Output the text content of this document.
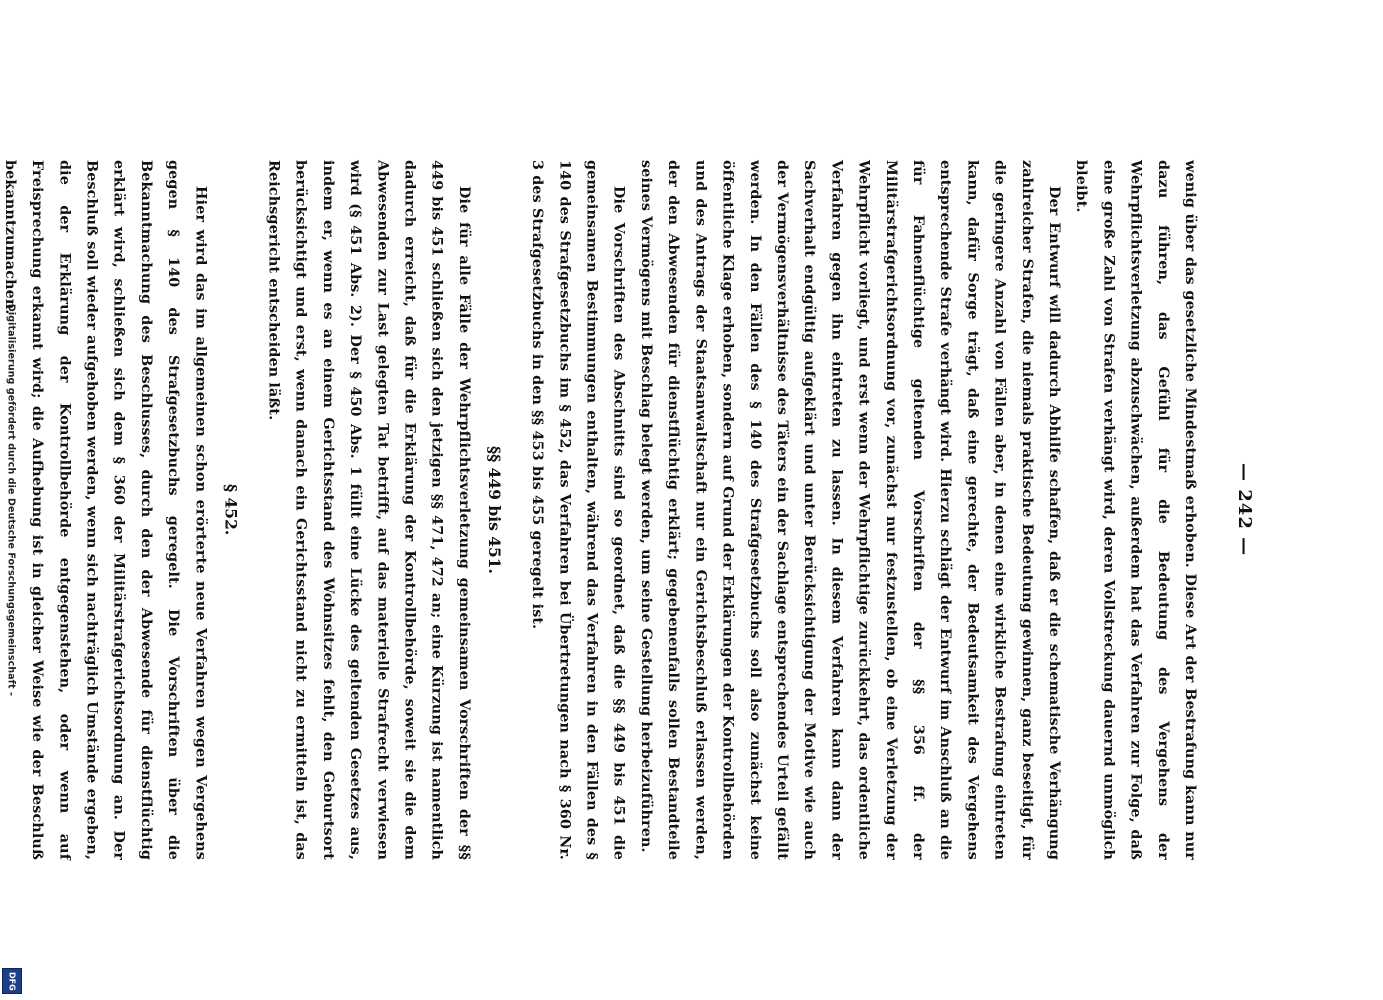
Digitalisierung gefördert durch die Deutsche Forschungsgemeinschaft -
DFG
— 242 —

wenig über das gesetzliche Mindestmaß erhoben. Diese Art der Bestrafung kann nur dazu führen, das Gefühl für die Bedeutung des Vergehens der Wehrpflichtsverletzung abzuschwächen, außerdem hat das Verfahren zur Folge, daß eine große Zahl von Strafen verhängt wird, deren Vollstreckung dauernd unmöglich bleibt.

Der Entwurf will dadurch Abhilfe schaffen, daß er die schematische Verhängung zahlreicher Strafen, die niemals praktische Bedeutung gewinnen, ganz beseitigt, für die geringere Anzahl von Fällen aber, in denen eine wirkliche Bestrafung eintreten kann, dafür Sorge trägt, daß eine gerechte, der Bedeutsamkeit des Vergehens entsprechende Strafe verhängt wird. Hierzu schlägt der Entwurf im Anschluß an die für Fahnenflüchtige geltenden Vorschriften der §§ 356 ff. der Militärstrafgerichtsordnung vor, zunächst nur festzustellen, ob eine Verletzung der Wehrpflicht vorliegt, und erst wenn der Wehrpflichtige zurückkehrt, das ordentliche Verfahren gegen ihn eintreten zu lassen. In diesem Verfahren kann dann der Sachverhalt endgültig aufgeklärt und unter Berücksichtigung der Motive wie auch der Vermögensverhältnisse des Täters ein der Sachlage entsprechendes Urteil gefällt werden. In den Fällen des § 140 des Strafgesetzbuchs soll also zunächst keine öffentliche Klage erhoben, sondern auf Grund der Erklärungen der Kontrollbehörden und des Antrags der Staatsanwaltschaft nur ein Gerichtsbeschluß erlassen werden, der den Abwesenden für dienstflüchtig erklärt; gegebenenfalls sollen Bestandteile seines Vermögens mit Beschlag belegt werden, um seine Gestellung herbeizuführen.

Die Vorschriften des Abschnitts sind so geordnet, daß die §§ 449 bis 451 die gemeinsamen Bestimmungen enthalten, während das Verfahren in den Fällen des § 140 des Strafgesetzbuchs im § 452, das Verfahren bei Übertretungen nach § 360 Nr. 3 des Strafgesetzbuchs in den §§ 453 bis 455 geregelt ist.

§§ 449 bis 451.

Die für alle Fälle der Wehrpflichtsverletzung gemeinsamen Vorschriften der §§ 449 bis 451 schließen sich den jetzigen §§ 471, 472 an; eine Kürzung ist namentlich dadurch erreicht, daß für die Erklärung der Kontrollbehörde, soweit sie die dem Abwesenden zur Last gelegten Tat betrifft, auf das materielle Strafrecht verwiesen wird (§ 451 Abs. 2). Der § 450 Abs. 1 füllt eine Lücke des geltenden Gesetzes aus, indem er, wenn es an einem Gerichtsstand des Wohnsitzes fehlt, den Geburtsort berücksichtigt und erst, wenn danach ein Gerichtsstand nicht zu ermitteln ist, das Reichsgericht entscheiden läßt.

§ 452.

Hier wird das im allgemeinen schon erörterte neue Verfahren wegen Vergehens gegen § 140 des Strafgesetzbuchs geregelt. Die Vorschriften über die Bekanntmachung des Beschlusses, durch den der Abwesende für dienstflüchtig erklärt wird, schließen sich dem § 360 der Militärstrafgerichtsordnung an. Der Beschluß soll wieder aufgehoben werden, wenn sich nachträglich Umstände ergeben, die der Erklärung der Kontrollbehörde entgegenstehen, oder wenn auf Freisprechung erkannt wird; die Aufhebung ist in gleicher Weise wie der Beschluß bekanntzumachen.
